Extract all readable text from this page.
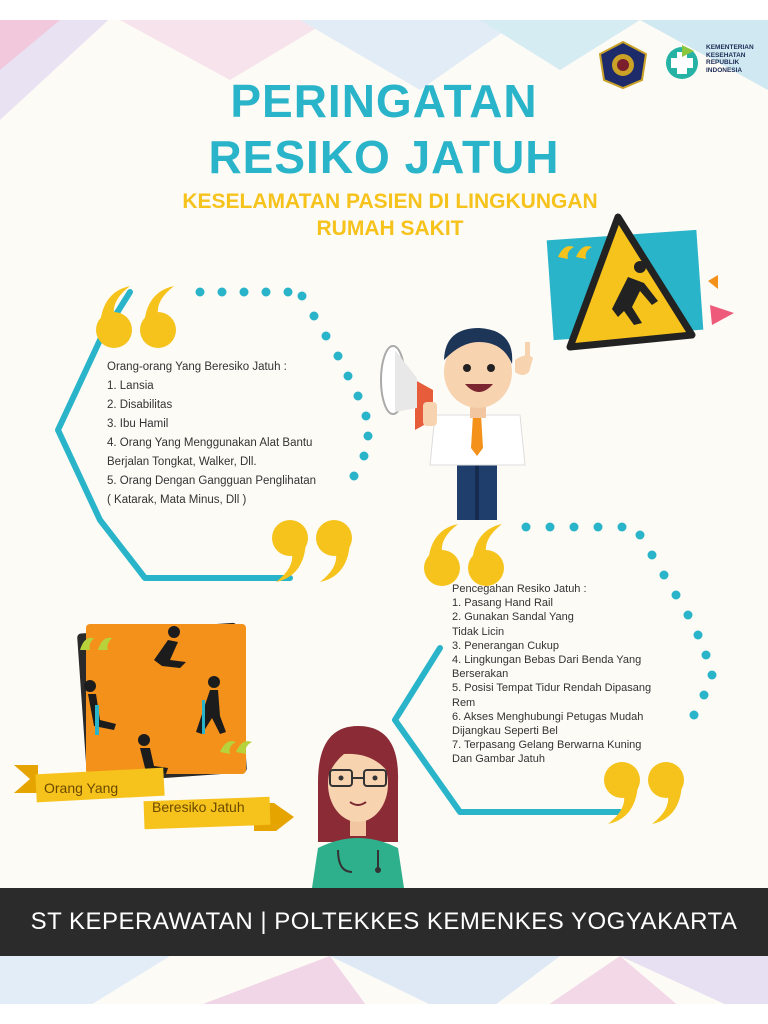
KEMENTERIAN
KESEHATAN
REPUBLIK
INDONESIA
PERINGATAN
RESIKO JATUH
KESELAMATAN PASIEN DI LINGKUNGAN
RUMAH SAKIT
Orang-orang Yang Beresiko Jatuh :
1. Lansia
2. Disabilitas
3. Ibu Hamil
4. Orang Yang Menggunakan Alat Bantu
Berjalan Tongkat, Walker, Dll.
5. Orang Dengan Gangguan Penglihatan
( Katarak, Mata Minus, Dll )
Pencegahan Resiko Jatuh :
1. Pasang Hand Rail
2. Gunakan Sandal Yang
Tidak Licin
3. Penerangan Cukup
4. Lingkungan Bebas Dari Benda Yang
Berserakan
5. Posisi Tempat Tidur Rendah Dipasang
Rem
6. Akses Menghubungi Petugas Mudah
Dijangkau Seperti Bel
7. Terpasang Gelang Berwarna Kuning
Dan Gambar Jatuh
Orang Yang
Beresiko Jatuh
ST KEPERAWATAN | POLTEKKES KEMENKES YOGYAKARTA
